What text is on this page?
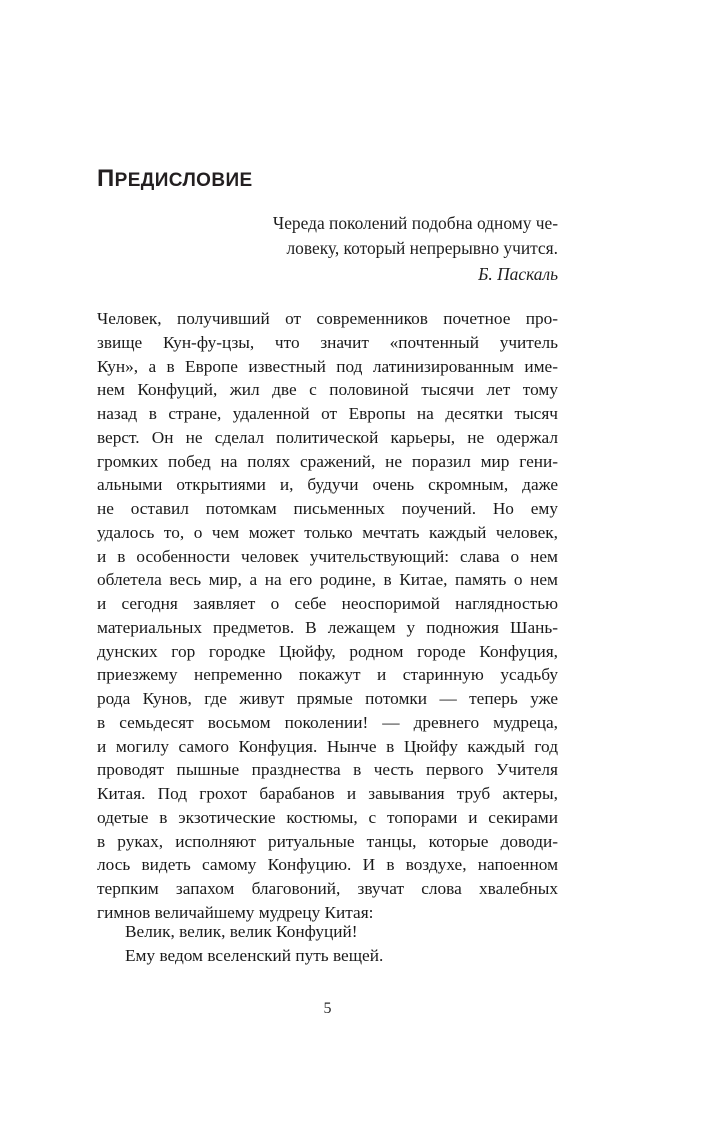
ПРЕДИСЛОВИЕ
Череда поколений подобна одному че-
ловеку, который непрерывно учится.
Б. Паскаль

Человек, получивший от современников почетное про-
звище Кун-фу-цзы, что значит «почтенный учитель
Кун», а в Европе известный под латинизированным име-
нем Конфуций, жил две с половиной тысячи лет тому
назад в стране, удаленной от Европы на десятки тысяч
верст. Он не сделал политической карьеры, не одержал
громких побед на полях сражений, не поразил мир гени-
альными открытиями и, будучи очень скромным, даже
не оставил потомкам письменных поучений. Но ему
удалось то, о чем может только мечтать каждый человек,
и в особенности человек учительствующий: слава о нем
облетела весь мир, а на его родине, в Китае, память о нем
и сегодня заявляет о себе неоспоримой наглядностью
материальных предметов. В лежащем у подножия Шань-
дунских гор городке Цюйфу, родном городе Конфуция,
приезжему непременно покажут и старинную усадьбу
рода Кунов, где живут прямые потомки — теперь уже
в семьдесят восьмом поколении! — древнего мудреца,
и могилу самого Конфуция. Нынче в Цюйфу каждый год
проводят пышные празднества в честь первого Учителя
Китая. Под грохот барабанов и завывания труб актеры,
одетые в экзотические костюмы, с топорами и секирами
в руках, исполняют ритуальные танцы, которые доводи-
лось видеть самому Конфуцию. И в воздухе, напоенном
терпким запахом благовоний, звучат слова хвалебных
гимнов величайшему мудрецу Китая:

Велик, велик, велик Конфуций!
Ему ведом вселенский путь вещей.
5
